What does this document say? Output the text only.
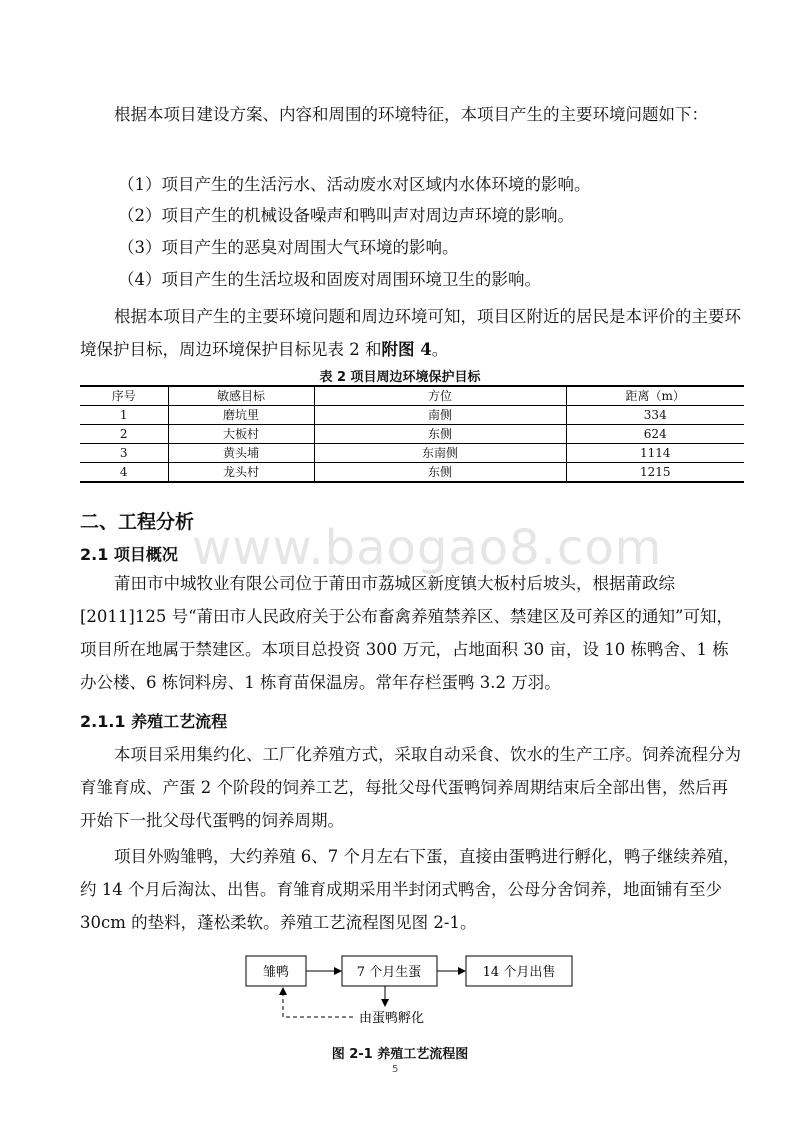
根据本项目建设方案、内容和周围的环境特征，本项目产生的主要环境问题如下：

（1）项目产生的生活污水、活动废水对区域内水体环境的影响。

（2）项目产生的机械设备噪声和鸭叫声对周边声环境的影响。

（3）项目产生的恶臭对周围大气环境的影响。

（4）项目产生的生活垃圾和固废对周围环境卫生的影响。

根据本项目产生的主要环境问题和周边环境可知，项目区附近的居民是本评价的主要环境保护目标，周边环境保护目标见表 2 和附图 4。

表 2 项目周边环境保护目标
序号	敏感目标	方位	距离（m）
1	磨坑里	南侧	334
2	大板村	东侧	624
3	黄头埔	东南侧	1114
4	龙头村	东侧	1215
二、工程分析
www.baogao8.com
2.1 项目概况

莆田市中城牧业有限公司位于莆田市荔城区新度镇大板村后坡头，根据莆政综[2011]125 号“莆田市人民政府关于公布畜禽养殖禁养区、禁建区及可养区的通知”可知，项目所在地属于禁建区。本项目总投资 300 万元，占地面积 30 亩，设 10 栋鸭舍、1 栋办公楼、6 栋饲料房、1 栋育苗保温房。常年存栏蛋鸭 3.2 万羽。

2.1.1 养殖工艺流程

本项目采用集约化、工厂化养殖方式，采取自动采食、饮水的生产工序。饲养流程分为育雏育成、产蛋 2 个阶段的饲养工艺，每批父母代蛋鸭饲养周期结束后全部出售，然后再开始下一批父母代蛋鸭的饲养周期。

项目外购雏鸭，大约养殖 6、7 个月左右下蛋，直接由蛋鸭进行孵化，鸭子继续养殖，约 14 个月后淘汰、出售。育雏育成期采用半封闭式鸭舍，公母分舍饲养，地面铺有至少 30cm 的垫料，蓬松柔软。养殖工艺流程图见图 2-1。

雏鸭	7 个月生蛋	14 个月出售
由蛋鸭孵化
图 2-1 养殖工艺流程图
5
